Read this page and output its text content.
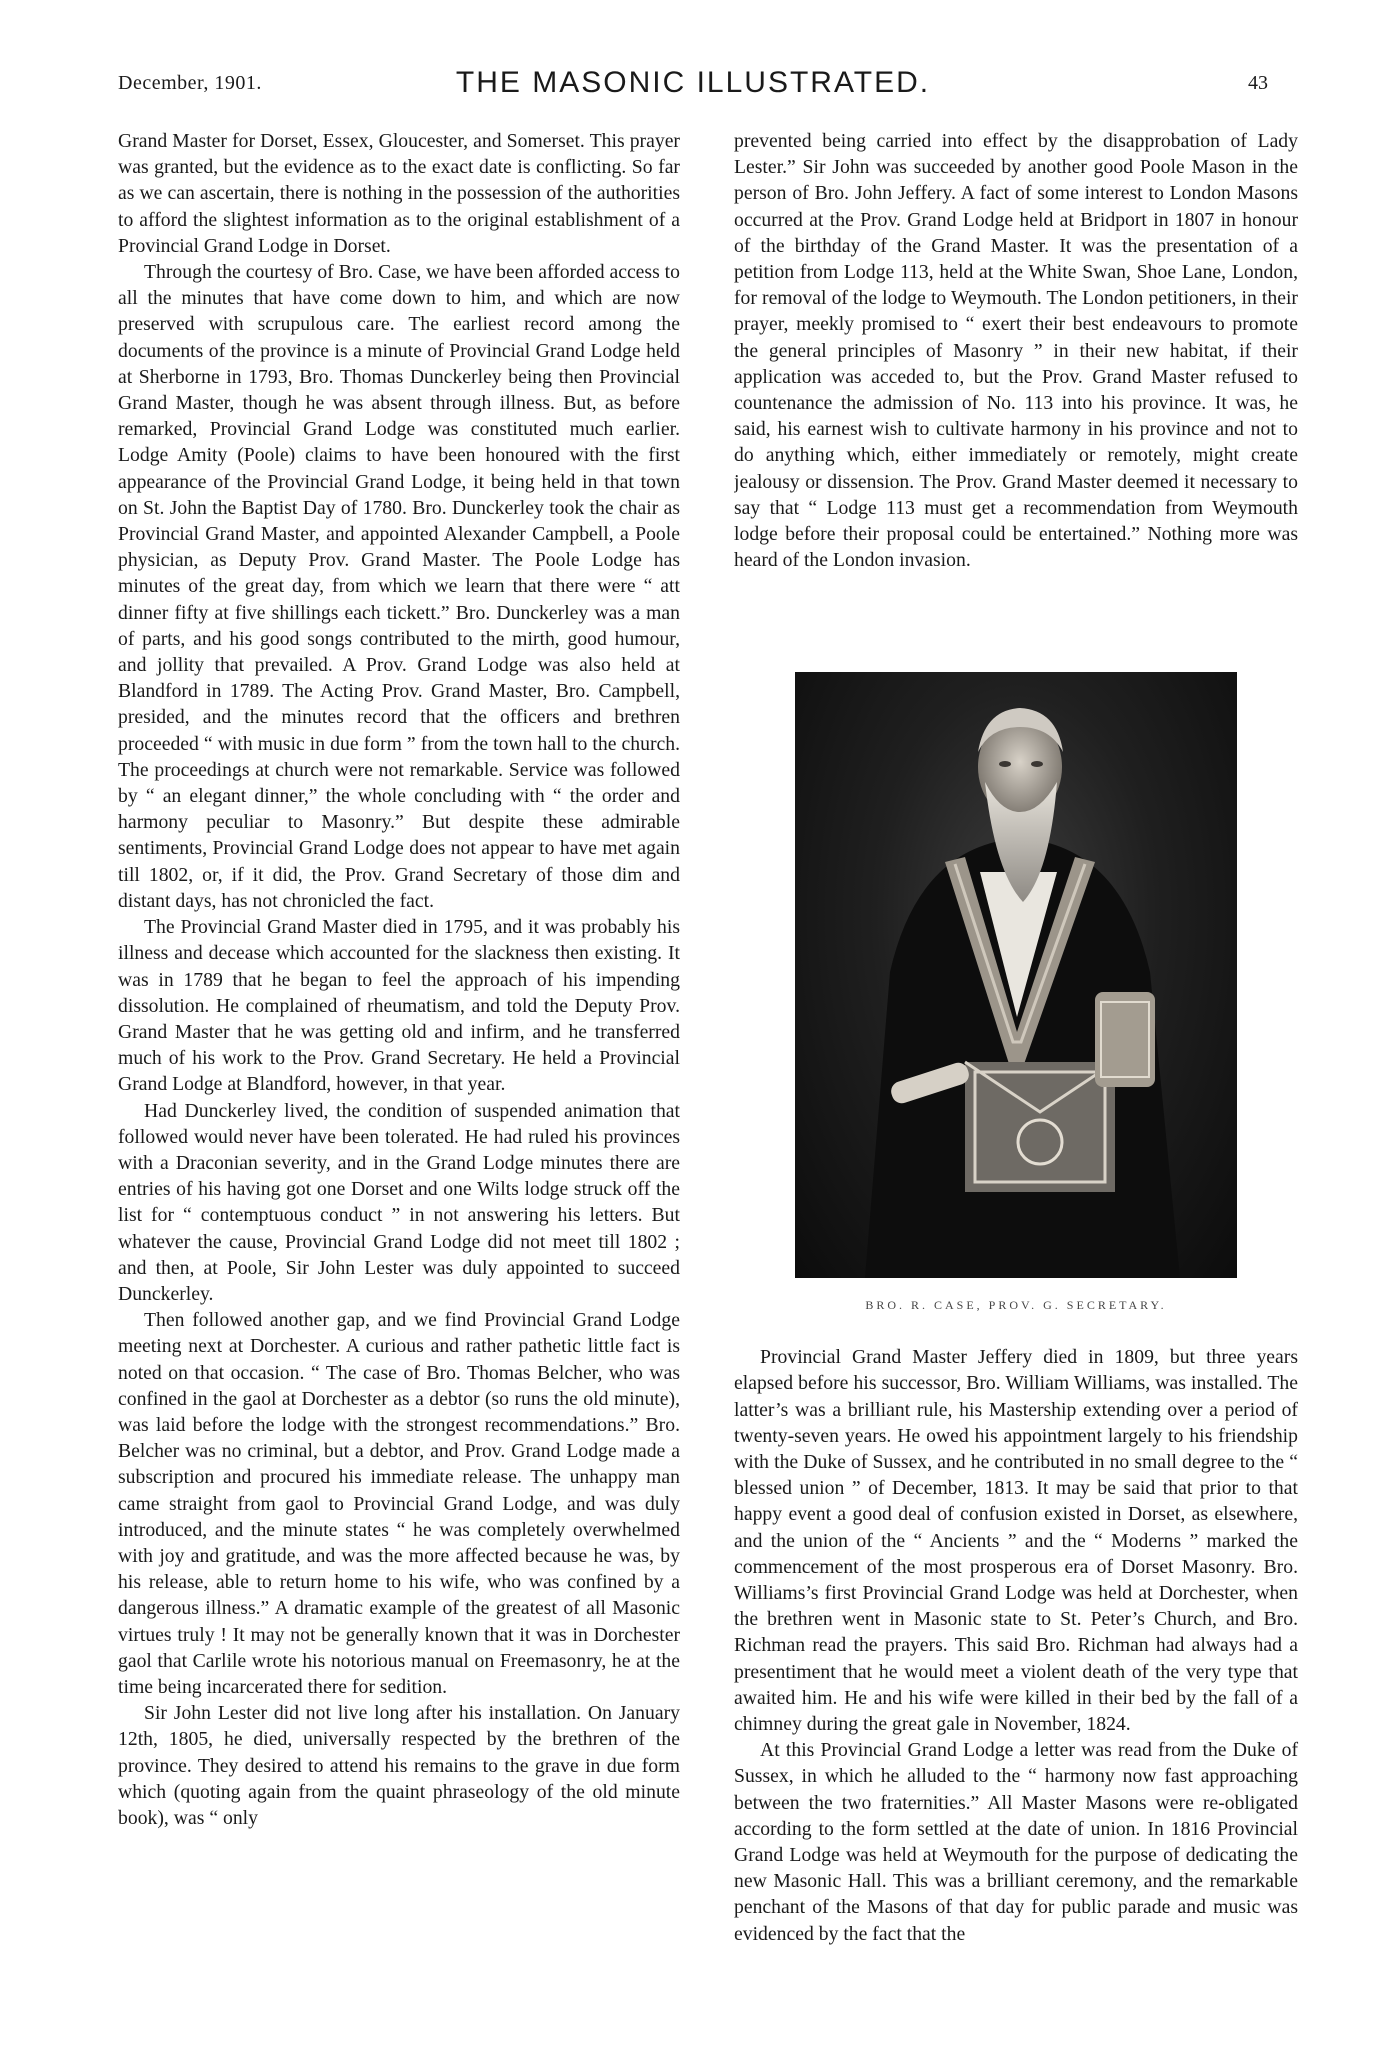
December, 1901.	THE MASONIC ILLUSTRATED.	43

Grand Master for Dorset, Essex, Gloucester, and Somerset. This prayer was granted, but the evidence as to the exact date is conflicting. So far as we can ascertain, there is nothing in the possession of the authorities to afford the slightest information as to the original establishment of a Provincial Grand Lodge in Dorset.

Through the courtesy of Bro. Case, we have been afforded access to all the minutes that have come down to him, and which are now preserved with scrupulous care. The earliest record among the documents of the province is a minute of Provincial Grand Lodge held at Sherborne in 1793, Bro. Thomas Dunckerley being then Provincial Grand Master, though he was absent through illness. But, as before remarked, Provincial Grand Lodge was constituted much earlier. Lodge Amity (Poole) claims to have been honoured with the first appearance of the Provincial Grand Lodge, it being held in that town on St. John the Baptist Day of 1780. Bro. Dunckerley took the chair as Provincial Grand Master, and appointed Alexander Campbell, a Poole physician, as Deputy Prov. Grand Master. The Poole Lodge has minutes of the great day, from which we learn that there were “ att dinner fifty at five shillings each tickett.” Bro. Dunckerley was a man of parts, and his good songs contributed to the mirth, good humour, and jollity that prevailed. A Prov. Grand Lodge was also held at Blandford in 1789. The Acting Prov. Grand Master, Bro. Campbell, presided, and the minutes record that the officers and brethren proceeded “ with music in due form ” from the town hall to the church. The proceedings at church were not remarkable. Service was followed by “ an elegant dinner,” the whole concluding with “ the order and harmony peculiar to Masonry.” But despite these admirable sentiments, Provincial Grand Lodge does not appear to have met again till 1802, or, if it did, the Prov. Grand Secretary of those dim and distant days, has not chronicled the fact.

The Provincial Grand Master died in 1795, and it was probably his illness and decease which accounted for the slackness then existing. It was in 1789 that he began to feel the approach of his impending dissolution. He complained of rheumatism, and told the Deputy Prov. Grand Master that he was getting old and infirm, and he transferred much of his work to the Prov. Grand Secretary. He held a Provincial Grand Lodge at Blandford, however, in that year.

Had Dunckerley lived, the condition of suspended animation that followed would never have been tolerated. He had ruled his provinces with a Draconian severity, and in the Grand Lodge minutes there are entries of his having got one Dorset and one Wilts lodge struck off the list for “ contemptuous conduct ” in not answering his letters. But whatever the cause, Provincial Grand Lodge did not meet till 1802 ; and then, at Poole, Sir John Lester was duly appointed to succeed Dunckerley.

Then followed another gap, and we find Provincial Grand Lodge meeting next at Dorchester. A curious and rather pathetic little fact is noted on that occasion. “ The case of Bro. Thomas Belcher, who was confined in the gaol at Dorchester as a debtor (so runs the old minute), was laid before the lodge with the strongest recommendations.” Bro. Belcher was no criminal, but a debtor, and Prov. Grand Lodge made a subscription and procured his immediate release. The unhappy man came straight from gaol to Provincial Grand Lodge, and was duly introduced, and the minute states “ he was completely overwhelmed with joy and gratitude, and was the more affected because he was, by his release, able to return home to his wife, who was confined by a dangerous illness.” A dramatic example of the greatest of all Masonic virtues truly ! It may not be generally known that it was in Dorchester gaol that Carlile wrote his notorious manual on Freemasonry, he at the time being incarcerated there for sedition.

Sir John Lester did not live long after his installation. On January 12th, 1805, he died, universally respected by the brethren of the province. They desired to attend his remains to the grave in due form which (quoting again from the quaint phraseology of the old minute book), was “ only

prevented being carried into effect by the disapprobation of Lady Lester.” Sir John was succeeded by another good Poole Mason in the person of Bro. John Jeffery. A fact of some interest to London Masons occurred at the Prov. Grand Lodge held at Bridport in 1807 in honour of the birthday of the Grand Master. It was the presentation of a petition from Lodge 113, held at the White Swan, Shoe Lane, London, for removal of the lodge to Weymouth. The London petitioners, in their prayer, meekly promised to “ exert their best endeavours to promote the general principles of Masonry ” in their new habitat, if their application was acceded to, but the Prov. Grand Master refused to countenance the admission of No. 113 into his province. It was, he said, his earnest wish to cultivate harmony in his province and not to do anything which, either immediately or remotely, might create jealousy or dissension. The Prov. Grand Master deemed it necessary to say that “ Lodge 113 must get a recommendation from Weymouth lodge before their proposal could be entertained.” Nothing more was heard of the London invasion.

BRO. R. CASE, PROV. G. SECRETARY.

Provincial Grand Master Jeffery died in 1809, but three years elapsed before his successor, Bro. William Williams, was installed. The latter’s was a brilliant rule, his Mastership extending over a period of twenty-seven years. He owed his appointment largely to his friendship with the Duke of Sussex, and he contributed in no small degree to the “ blessed union ” of December, 1813. It may be said that prior to that happy event a good deal of confusion existed in Dorset, as elsewhere, and the union of the “ Ancients ” and the “ Moderns ” marked the commencement of the most prosperous era of Dorset Masonry. Bro. Williams’s first Provincial Grand Lodge was held at Dorchester, when the brethren went in Masonic state to St. Peter’s Church, and Bro. Richman read the prayers. This said Bro. Richman had always had a presentiment that he would meet a violent death of the very type that awaited him. He and his wife were killed in their bed by the fall of a chimney during the great gale in November, 1824.

At this Provincial Grand Lodge a letter was read from the Duke of Sussex, in which he alluded to the “ harmony now fast approaching between the two fraternities.” All Master Masons were re-obligated according to the form settled at the date of union. In 1816 Provincial Grand Lodge was held at Weymouth for the purpose of dedicating the new Masonic Hall. This was a brilliant ceremony, and the remarkable penchant of the Masons of that day for public parade and music was evidenced by the fact that the
